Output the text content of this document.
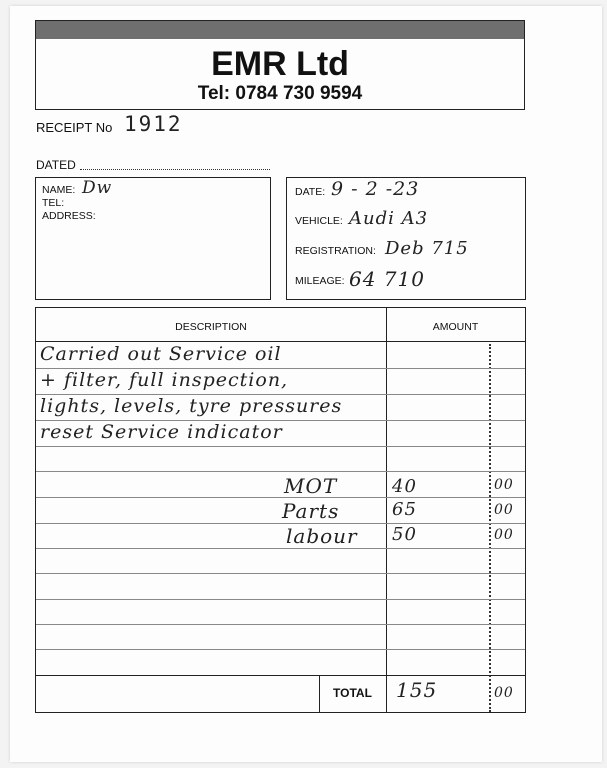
EMR Ltd
Tel: 0784 730 9594
RECEIPT No 1912
DATED
NAME: Dw
TEL:
ADDRESS:
DATE: 9 - 2 -23
VEHICLE: Audi A3
REGISTRATION: Deb 715
MILEAGE: 64 710
DESCRIPTION	AMOUNT
Carried out Service oil
+ filter, full inspection,
lights, levels, tyre pressures
reset Service indicator
MOT	40	00
Parts	65	00
labour 50	00
TOTAL	155	00
